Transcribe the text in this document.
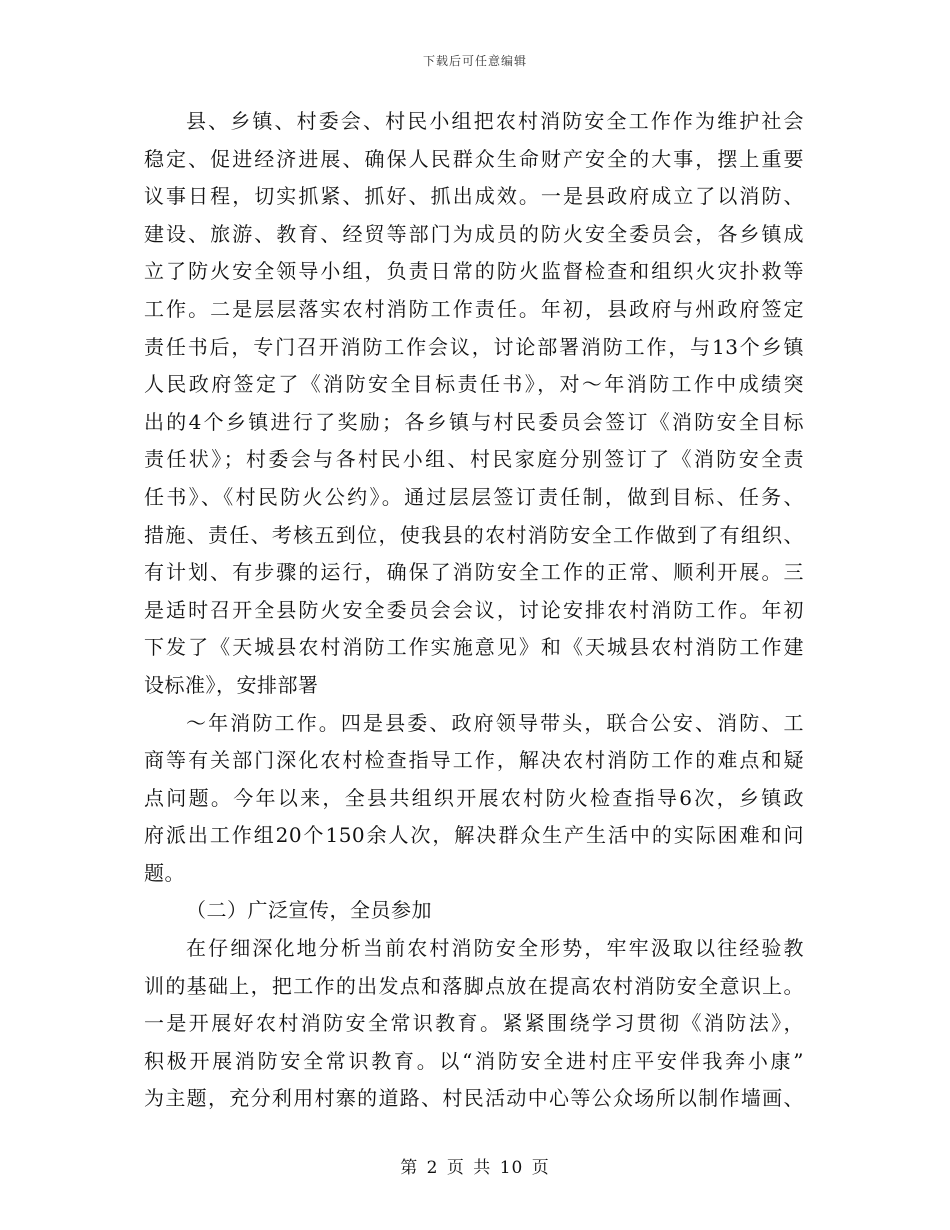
下载后可任意编辑
县、乡镇、村委会、村民小组把农村消防安全工作作为维护社会
稳定、促进经济进展、确保人民群众生命财产安全的大事，摆上重要
议事日程，切实抓紧、抓好、抓出成效。一是县政府成立了以消防、
建设、旅游、教育、经贸等部门为成员的防火安全委员会，各乡镇成
立了防火安全领导小组，负责日常的防火监督检查和组织火灾扑救等
工作。二是层层落实农村消防工作责任。年初，县政府与州政府签定
责任书后，专门召开消防工作会议，讨论部署消防工作，与13个乡镇
人民政府签定了《消防安全目标责任书》，对～年消防工作中成绩突
出的4个乡镇进行了奖励；各乡镇与村民委员会签订《消防安全目标
责任状》；村委会与各村民小组、村民家庭分别签订了《消防安全责
任书》、《村民防火公约》。通过层层签订责任制，做到目标、任务、
措施、责任、考核五到位，使我县的农村消防安全工作做到了有组织、
有计划、有步骤的运行，确保了消防安全工作的正常、顺利开展。三
是适时召开全县防火安全委员会会议，讨论安排农村消防工作。年初
下发了《天城县农村消防工作实施意见》和《天城县农村消防工作建
设标准》，安排部署
～年消防工作。四是县委、政府领导带头，联合公安、消防、工
商等有关部门深化农村检查指导工作，解决农村消防工作的难点和疑
点问题。今年以来，全县共组织开展农村防火检查指导6次，乡镇政
府派出工作组20个150余人次，解决群众生产生活中的实际困难和问
题。
（二）广泛宣传，全员参加
在仔细深化地分析当前农村消防安全形势，牢牢汲取以往经验教
训的基础上，把工作的出发点和落脚点放在提高农村消防安全意识上。
一是开展好农村消防安全常识教育。紧紧围绕学习贯彻《消防法》，
积极开展消防安全常识教育。以“消防安全进村庄平安伴我奔小康”
为主题，充分利用村寨的道路、村民活动中心等公众场所以制作墙画、
第 2 页 共 10 页
